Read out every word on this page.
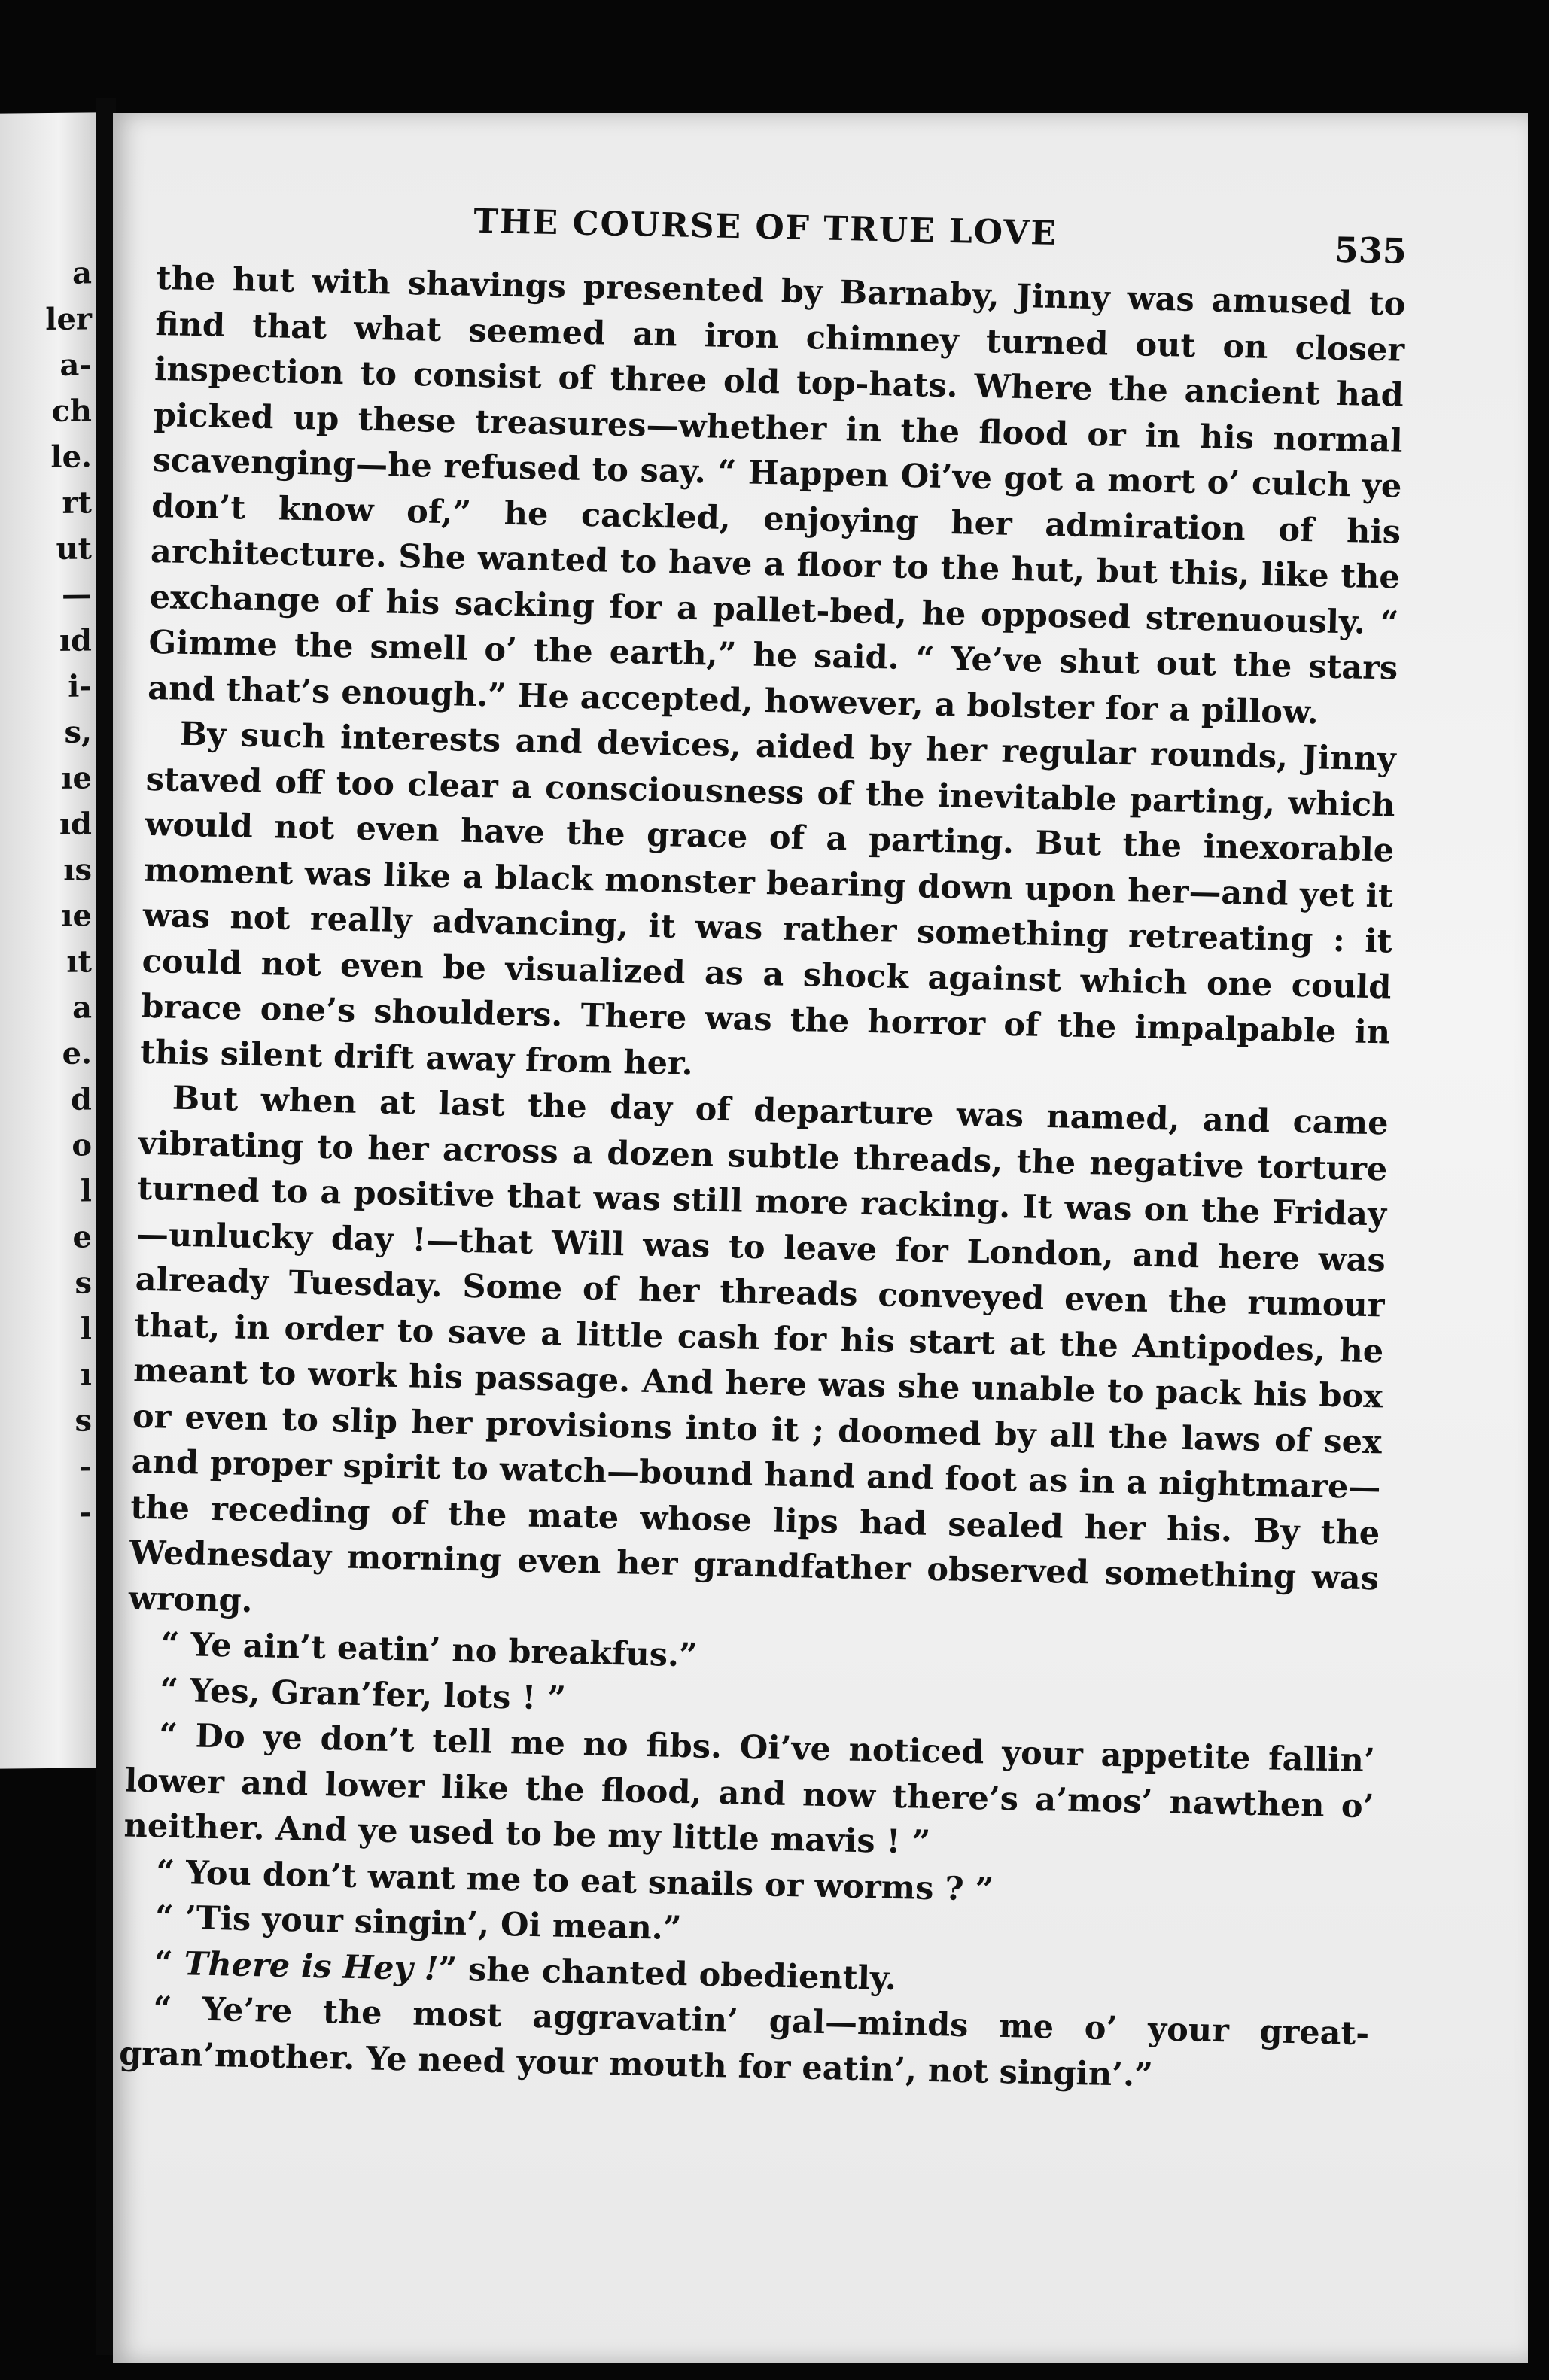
a
ler
a-
ch
le.
rt
ut
—
ıd
i-
s,
ıe
ıd
ıs
ıe
ıt
a
e.
d
o
l
e
s
l
ı
s
-
-
THE COURSE OF TRUE LOVE	535

the hut with shavings presented by Barnaby, Jinny was amused to find that what seemed an iron chimney turned out on closer inspection to consist of three old top-hats. Where the ancient had picked up these treasures—whether in the flood or in his normal scavenging—he refused to say. “ Happen Oi’ve got a mort o’ culch ye don’t know of,” he cackled, enjoying her admiration of his architecture. She wanted to have a floor to the hut, but this, like the exchange of his sacking for a pallet-bed, he opposed strenuously. “ Gimme the smell o’ the earth,” he said. “ Ye’ve shut out the stars and that’s enough.” He accepted, however, a bolster for a pillow.

By such interests and devices, aided by her regular rounds, Jinny staved off too clear a consciousness of the inevitable parting, which would not even have the grace of a parting. But the inexorable moment was like a black monster bearing down upon her—and yet it was not really advancing, it was rather something retreating : it could not even be visualized as a shock against which one could brace one’s shoulders. There was the horror of the impalpable in this silent drift away from her.

But when at last the day of departure was named, and came vibrating to her across a dozen subtle threads, the negative torture turned to a positive that was still more racking. It was on the Friday—unlucky day !—that Will was to leave for London, and here was already Tuesday. Some of her threads conveyed even the rumour that, in order to save a little cash for his start at the Antipodes, he meant to work his passage. And here was she unable to pack his box or even to slip her provisions into it ; doomed by all the laws of sex and proper spirit to watch—bound hand and foot as in a nightmare—the receding of the mate whose lips had sealed her his. By the Wednesday morning even her grandfather observed something was wrong.

“ Ye ain’t eatin’ no breakfus.”

“ Yes, Gran’fer, lots ! ”

“ Do ye don’t tell me no fibs. Oi’ve noticed your appetite fallin’ lower and lower like the flood, and now there’s a’mos’ nawthen o’ neither. And ye used to be my little mavis ! ”

“ You don’t want me to eat snails or worms ? ”

“ ’Tis your singin’, Oi mean.”

“ There is Hey !” she chanted obediently.

“ Ye’re the most aggravatin’ gal—minds me o’ your great-gran’mother. Ye need your mouth for eatin’, not singin’.”
